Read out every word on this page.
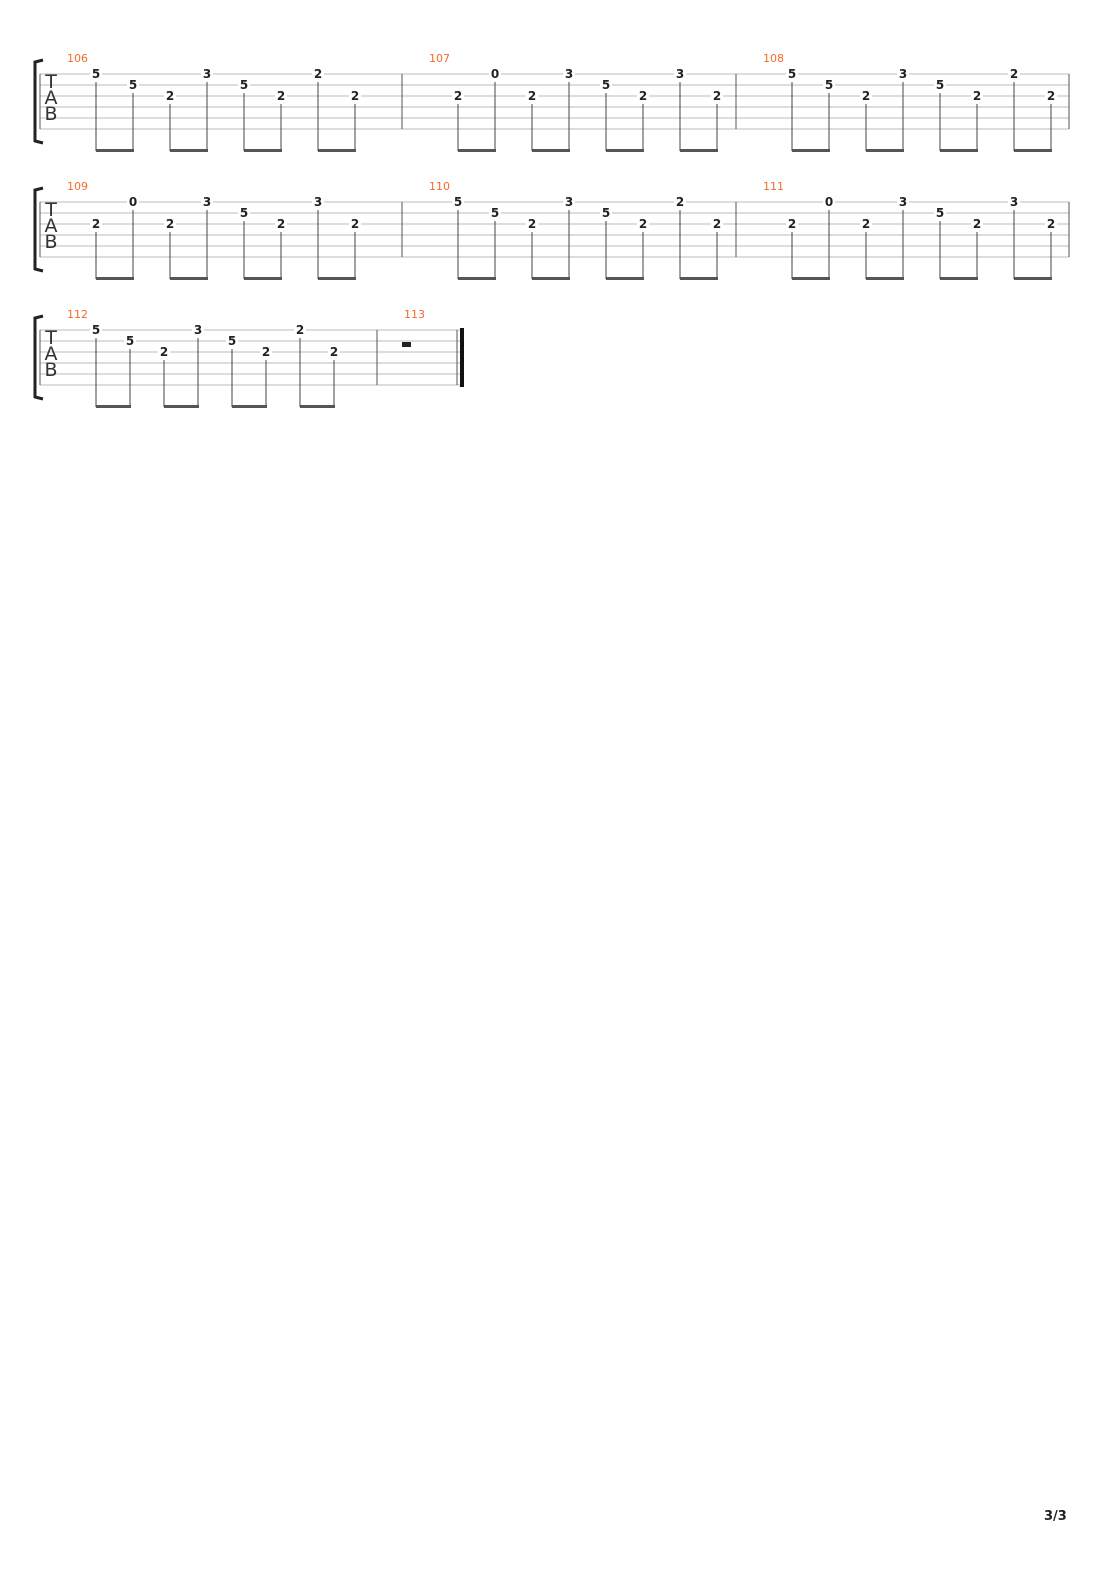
T
A
B
106
5
5
2
3
5
2
2
2
107
2
0
2
3
5
2
3
2
108
5
5
2
3
5
2
2
2
T
A
B
109
2
0
2
3
5
2
3
2
110
5
5
2
3
5
2
2
2
111
2
0
2
3
5
2
3
2
T
A
B
112
5
5
2
3
5
2
2
2
113
3/3
